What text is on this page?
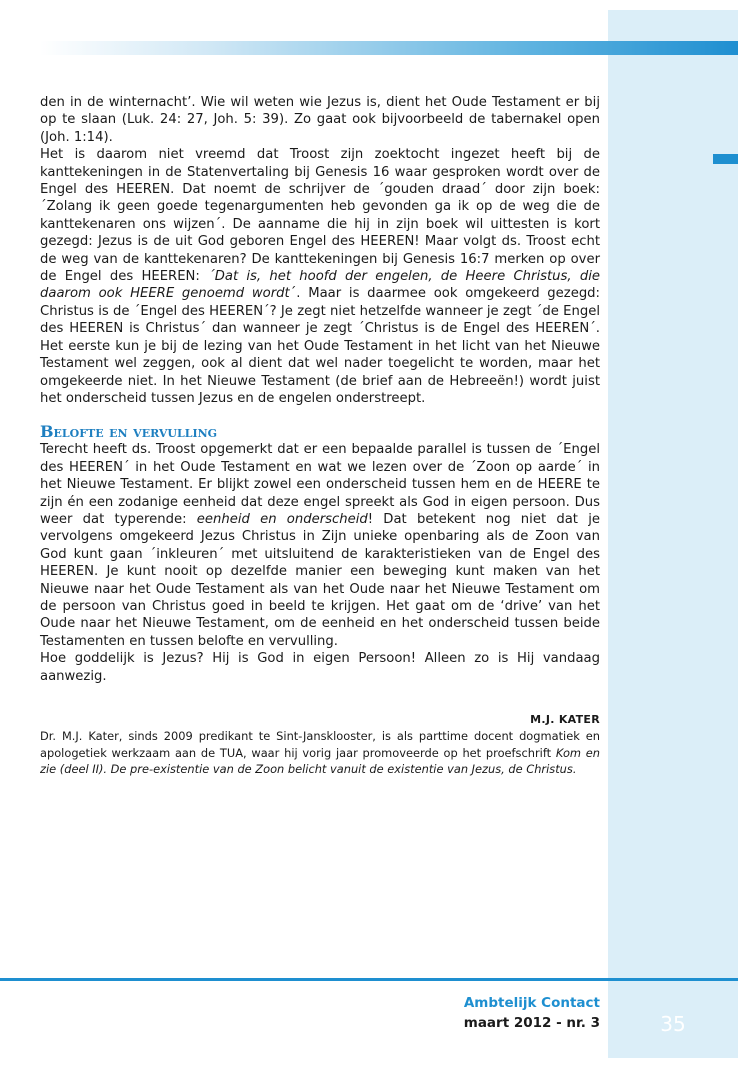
den in de winternacht’. Wie wil weten wie Jezus is, dient het Oude Testament er bij op te slaan (Luk. 24: 27, Joh. 5: 39). Zo gaat ook bijvoorbeeld de tabernakel open (Joh. 1:14).

Het is daarom niet vreemd dat Troost zijn zoektocht ingezet heeft bij de kanttekeningen in de Statenvertaling bij Genesis 16 waar gesproken wordt over de Engel des HEEREN. Dat noemt de schrijver de ´gouden draad´ door zijn boek: ´Zolang ik geen goede tegenargumenten heb gevonden ga ik op de weg die de kanttekenaren ons wijzen´. De aanname die hij in zijn boek wil uittesten is kort gezegd: Jezus is de uit God geboren Engel des HEEREN! Maar volgt ds. Troost echt de weg van de kanttekenaren? De kanttekeningen bij Genesis 16:7 merken op over de Engel des HEEREN: ´Dat is, het hoofd der engelen, de Heere Christus, die daarom ook HEERE genoemd wordt´. Maar is daarmee ook omgekeerd gezegd: Christus is de ´Engel des HEEREN´? Je zegt niet hetzelfde wanneer je zegt ´de Engel des HEEREN is Christus´ dan wanneer je zegt ´Christus is de Engel des HEEREN´. Het eerste kun je bij de lezing van het Oude Testament in het licht van het Nieuwe Testament wel zeggen, ook al dient dat wel nader toegelicht te worden, maar het omgekeerde niet. In het Nieuwe Testament (de brief aan de Hebreeën!) wordt juist het onderscheid tussen Jezus en de engelen onderstreept.

Belofte en vervulling

Terecht heeft ds. Troost opgemerkt dat er een bepaalde parallel is tussen de ´Engel des HEEREN´ in het Oude Testament en wat we lezen over de ´Zoon op aarde´ in het Nieuwe Testament. Er blijkt zowel een onderscheid tussen hem en de HEERE te zijn én een zodanige eenheid dat deze engel spreekt als God in eigen persoon. Dus weer dat typerende: eenheid en onderscheid! Dat betekent nog niet dat je vervolgens omgekeerd Jezus Christus in Zijn unieke openbaring als de Zoon van God kunt gaan ´inkleuren´ met uitsluitend de karakteristieken van de Engel des HEEREN. Je kunt nooit op dezelfde manier een beweging kunt maken van het Nieuwe naar het Oude Testament als van het Oude naar het Nieuwe Testament om de persoon van Christus goed in beeld te krijgen. Het gaat om de ‘drive’ van het Oude naar het Nieuwe Testament, om de eenheid en het onderscheid tussen beide Testamenten en tussen belofte en vervulling.

Hoe goddelijk is Jezus? Hij is God in eigen Persoon! Alleen zo is Hij vandaag aanwezig.

M.J. KATER

Dr. M.J. Kater, sinds 2009 predikant te Sint-Jansklooster, is als parttime docent dogmatiek en apologetiek werkzaam aan de TUA, waar hij vorig jaar promoveerde op het proefschrift Kom en zie (deel II). De pre-existentie van de Zoon belicht vanuit de existentie van Jezus, de Christus.

Ambtelijk Contact
maart 2012 - nr. 3	35
